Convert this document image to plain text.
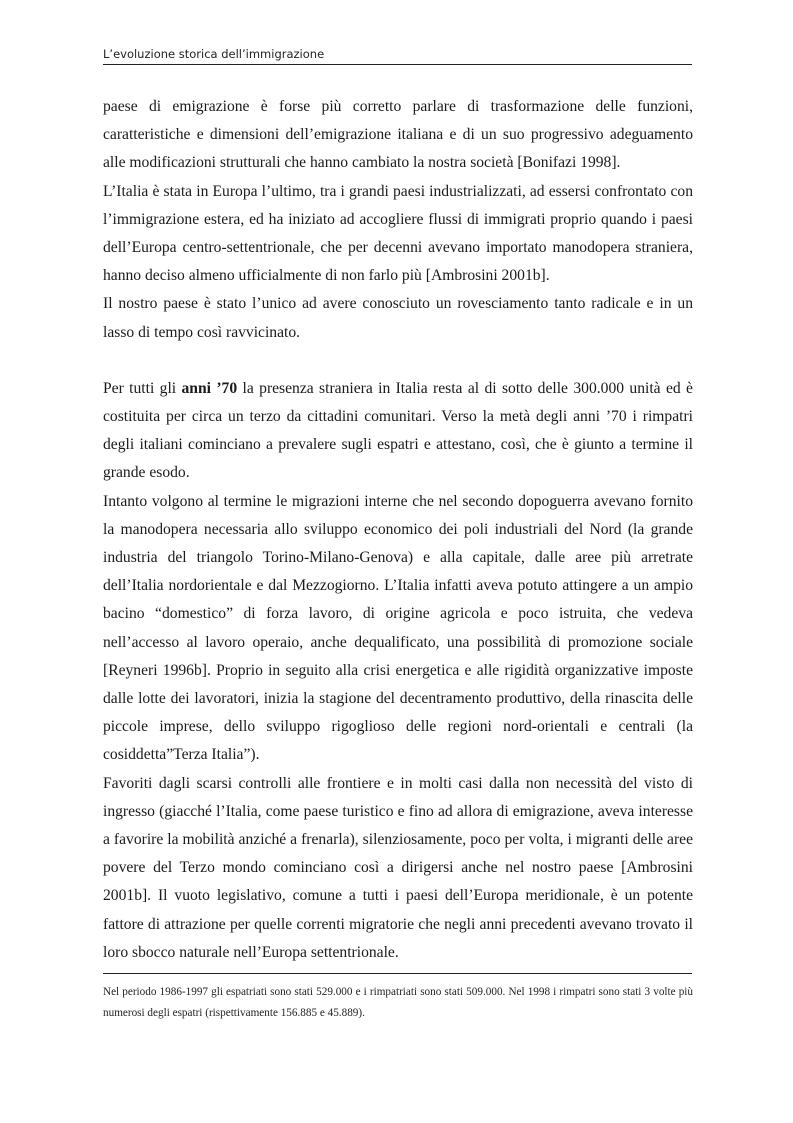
L’evoluzione storica dell’immigrazione

paese di emigrazione è forse più corretto parlare di trasformazione delle funzioni, caratteristiche e dimensioni dell’emigrazione italiana e di un suo progressivo adeguamento alle modificazioni strutturali che hanno cambiato la nostra società [Bonifazi 1998].

L’Italia è stata in Europa l’ultimo, tra i grandi paesi industrializzati, ad essersi confrontato con l’immigrazione estera, ed ha iniziato ad accogliere flussi di immigrati proprio quando i paesi dell’Europa centro-settentrionale, che per decenni avevano importato manodopera straniera, hanno deciso almeno ufficialmente di non farlo più [Ambrosini 2001b].

Il nostro paese è stato l’unico ad avere conosciuto un rovesciamento tanto radicale e in un lasso di tempo così ravvicinato.

Per tutti gli anni ’70 la presenza straniera in Italia resta al di sotto delle 300.000 unità ed è costituita per circa un terzo da cittadini comunitari. Verso la metà degli anni ’70 i rimpatri degli italiani cominciano a prevalere sugli espatri e attestano, così, che è giunto a termine il grande esodo.

Intanto volgono al termine le migrazioni interne che nel secondo dopoguerra avevano fornito la manodopera necessaria allo sviluppo economico dei poli industriali del Nord (la grande industria del triangolo Torino-Milano-Genova) e alla capitale, dalle aree più arretrate dell’Italia nordorientale e dal Mezzogiorno. L’Italia infatti aveva potuto attingere a un ampio bacino “domestico” di forza lavoro, di origine agricola e poco istruita, che vedeva nell’accesso al lavoro operaio, anche dequalificato, una possibilità di promozione sociale [Reyneri 1996b]. Proprio in seguito alla crisi energetica e alle rigidità organizzative imposte dalle lotte dei lavoratori, inizia la stagione del decentramento produttivo, della rinascita delle piccole imprese, dello sviluppo rigoglioso delle regioni nord-orientali e centrali (la cosiddetta”Terza Italia”).

Favoriti dagli scarsi controlli alle frontiere e in molti casi dalla non necessità del visto di ingresso (giacché l’Italia, come paese turistico e fino ad allora di emigrazione, aveva interesse a favorire la mobilità anziché a frenarla), silenziosamente, poco per volta, i migranti delle aree povere del Terzo mondo cominciano così a dirigersi anche nel nostro paese [Ambrosini 2001b]. Il vuoto legislativo, comune a tutti i paesi dell’Europa meridionale, è un potente fattore di attrazione per quelle correnti migratorie che negli anni precedenti avevano trovato il loro sbocco naturale nell’Europa settentrionale.

Nel periodo 1986-1997 gli espatriati sono stati 529.000 e i rimpatriati sono stati 509.000. Nel 1998 i rimpatri sono stati 3 volte più numerosi degli espatri (rispettivamente 156.885 e 45.889).
